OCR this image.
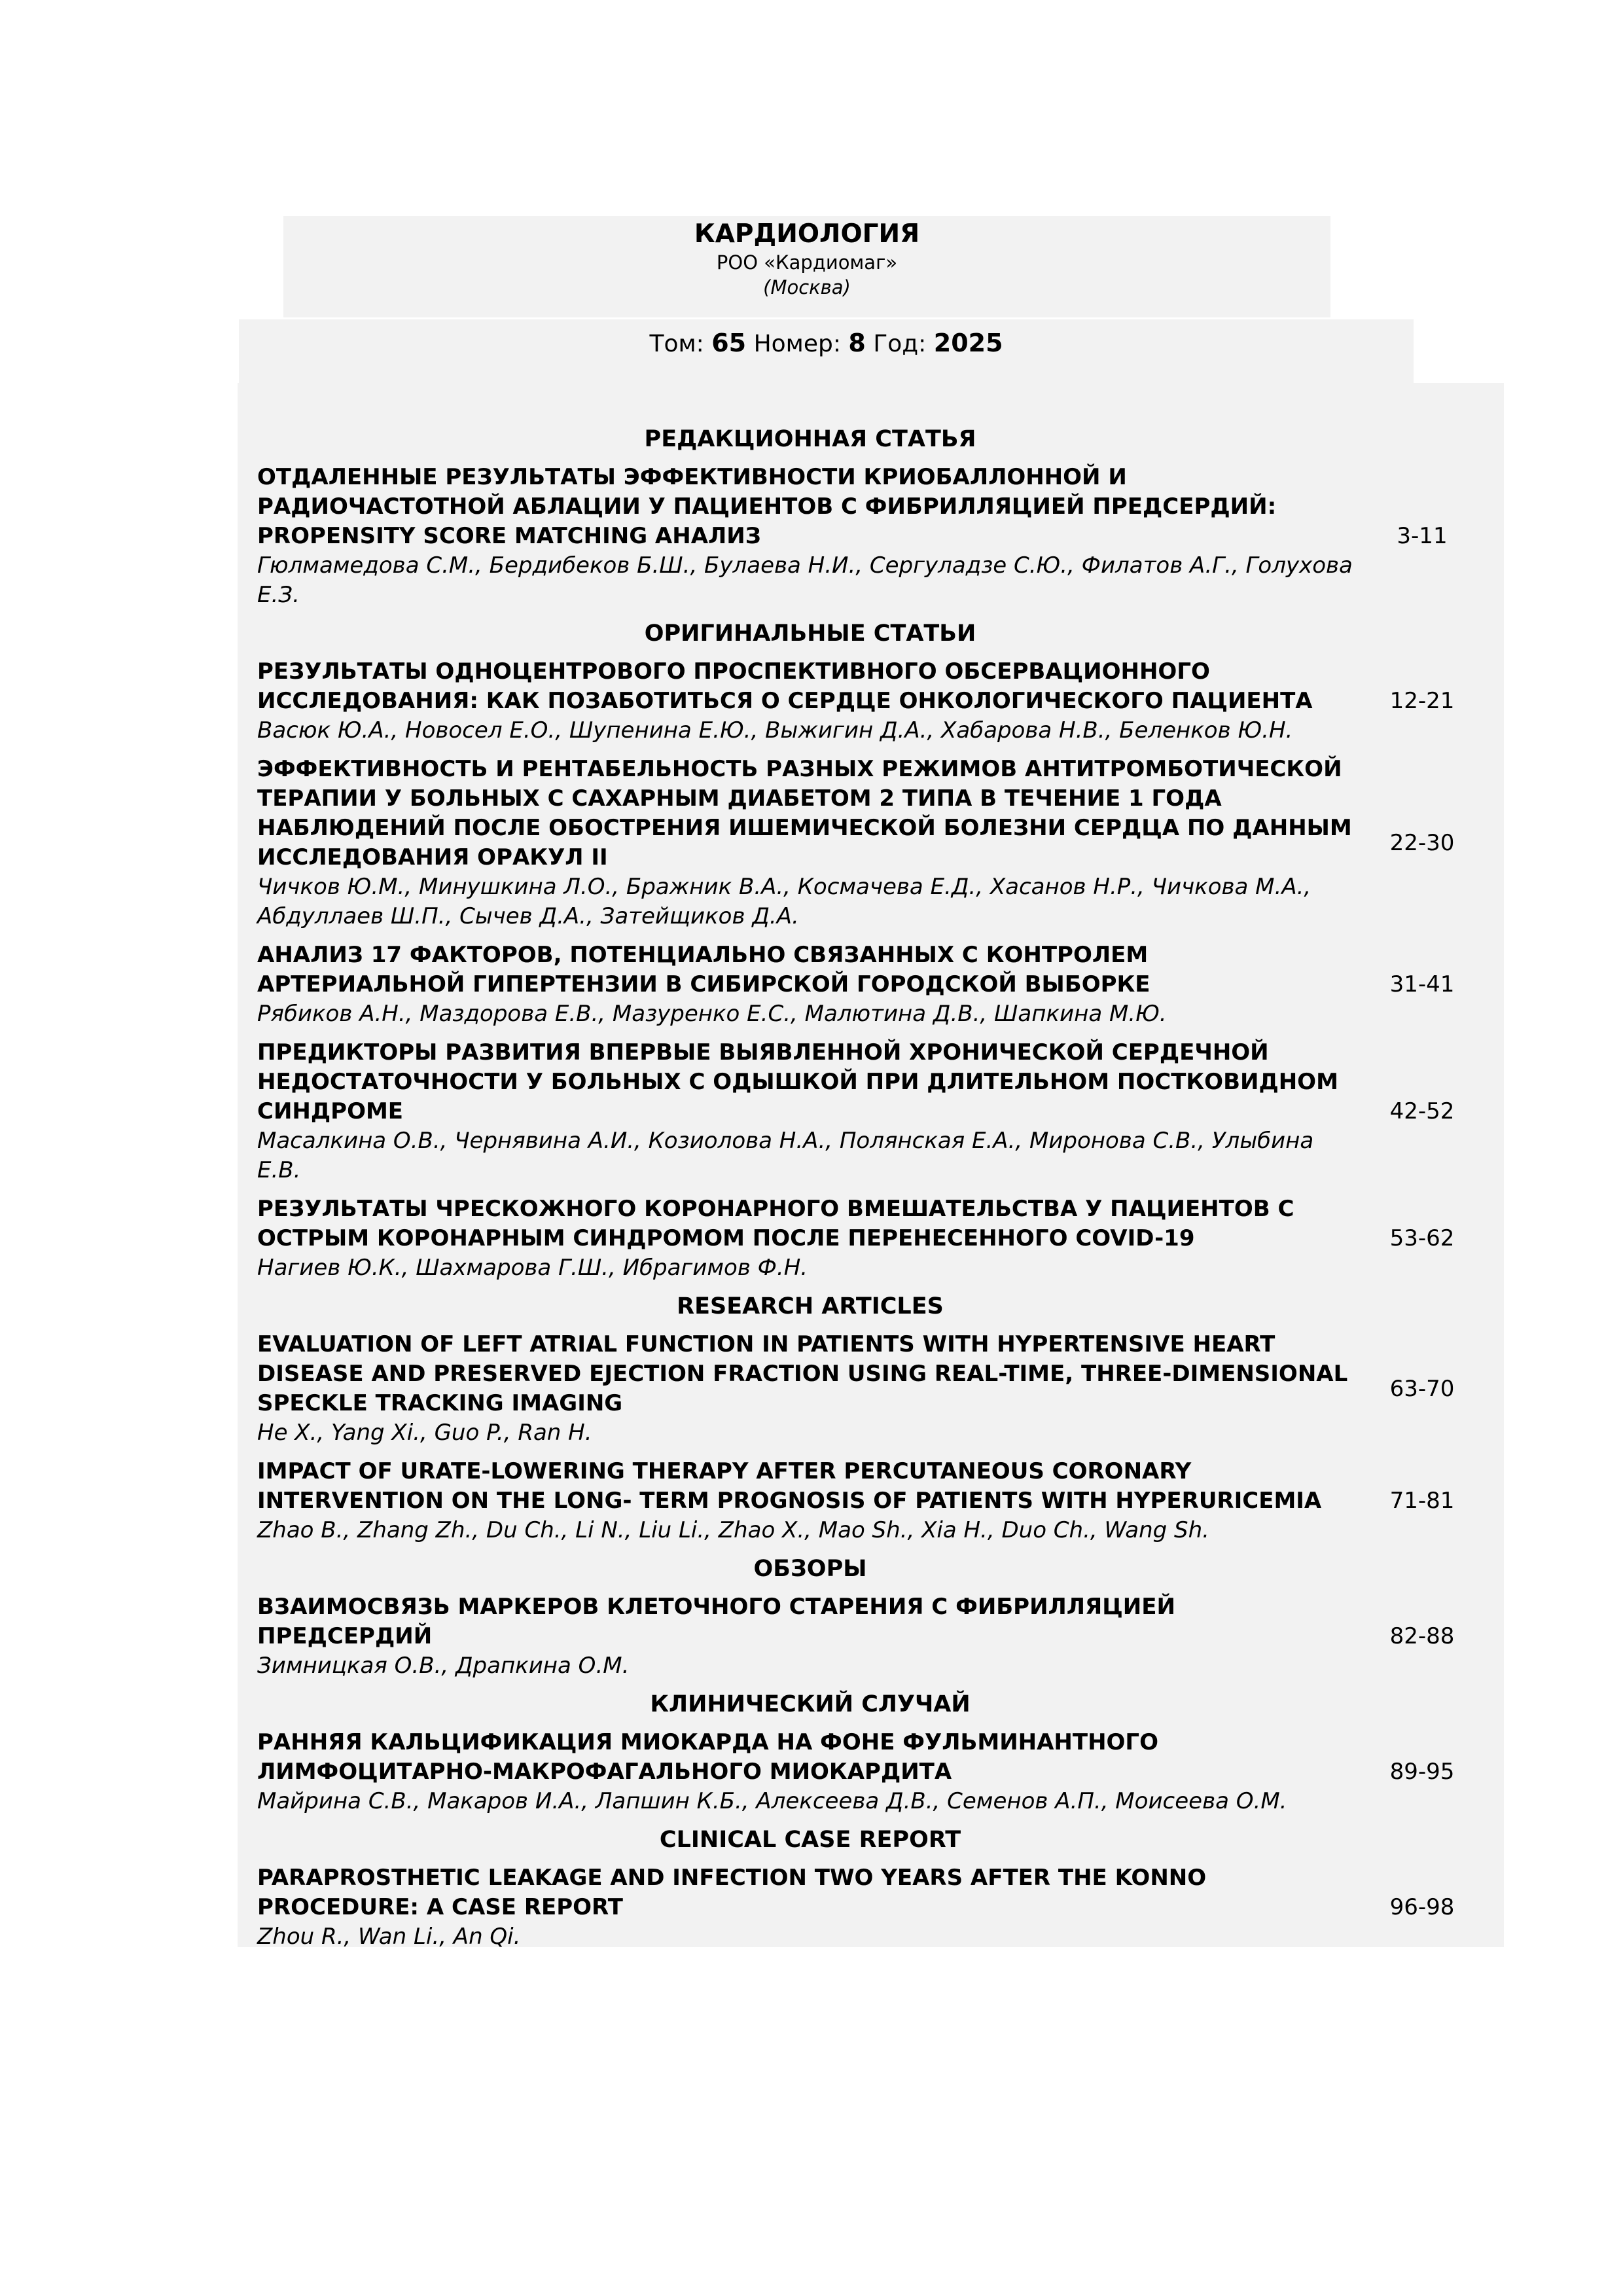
КАРДИОЛОГИЯ
РОО «Кардиомаг»
(Москва)
Том: 65 Номер: 8 Год: 2025
РЕДАКЦИОННАЯ СТАТЬЯ
ОТДАЛЕННЫЕ РЕЗУЛЬТАТЫ ЭФФЕКТИВНОСТИ КРИОБАЛЛОННОЙ И РАДИОЧАСТОТНОЙ АБЛАЦИИ У ПАЦИЕНТОВ С ФИБРИЛЛЯЦИЕЙ ПРЕДСЕРДИЙ: PROPENSITY SCORE MATCHING АНАЛИЗ
Гюлмамедова С.М., Бердибеков Б.Ш., Булаева Н.И., Сергуладзе С.Ю., Филатов А.Г., Голухова Е.З.
3-11
ОРИГИНАЛЬНЫЕ СТАТЬИ
РЕЗУЛЬТАТЫ ОДНОЦЕНТРОВОГО ПРОСПЕКТИВНОГО ОБСЕРВАЦИОННОГО ИССЛЕДОВАНИЯ: КАК ПОЗАБОТИТЬСЯ О СЕРДЦЕ ОНКОЛОГИЧЕСКОГО ПАЦИЕНТА
Васюк Ю.А., Новосел Е.О., Шупенина Е.Ю., Выжигин Д.А., Хабарова Н.В., Беленков Ю.Н.
12-21
ЭФФЕКТИВНОСТЬ И РЕНТАБЕЛЬНОСТЬ РАЗНЫХ РЕЖИМОВ АНТИТРОМБОТИЧЕСКОЙ ТЕРАПИИ У БОЛЬНЫХ С САХАРНЫМ ДИАБЕТОМ 2 ТИПА В ТЕЧЕНИЕ 1 ГОДА НАБЛЮДЕНИЙ ПОСЛЕ ОБОСТРЕНИЯ ИШЕМИЧЕСКОЙ БОЛЕЗНИ СЕРДЦА ПО ДАННЫМ ИССЛЕДОВАНИЯ ОРАКУЛ II
Чичков Ю.М., Минушкина Л.О., Бражник В.А., Космачева Е.Д., Хасанов Н.Р., Чичкова М.А., Абдуллаев Ш.П., Сычев Д.А., Затейщиков Д.А.
22-30
АНАЛИЗ 17 ФАКТОРОВ, ПОТЕНЦИАЛЬНО СВЯЗАННЫХ С КОНТРОЛЕМ АРТЕРИАЛЬНОЙ ГИПЕРТЕНЗИИ В СИБИРСКОЙ ГОРОДСКОЙ ВЫБОРКЕ
Рябиков А.Н., Маздорова Е.В., Мазуренко Е.С., Малютина Д.В., Шапкина М.Ю.
31-41
ПРЕДИКТОРЫ РАЗВИТИЯ ВПЕРВЫЕ ВЫЯВЛЕННОЙ ХРОНИЧЕСКОЙ СЕРДЕЧНОЙ НЕДОСТАТОЧНОСТИ У БОЛЬНЫХ С ОДЫШКОЙ ПРИ ДЛИТЕЛЬНОМ ПОСТКОВИДНОМ СИНДРОМЕ
Масалкина О.В., Чернявина А.И., Козиолова Н.А., Полянская Е.А., Миронова С.В., Улыбина Е.В.
42-52
РЕЗУЛЬТАТЫ ЧРЕСКОЖНОГО КОРОНАРНОГО ВМЕШАТЕЛЬСТВА У ПАЦИЕНТОВ С ОСТРЫМ КОРОНАРНЫМ СИНДРОМОМ ПОСЛЕ ПЕРЕНЕСЕННОГО COVID-19
Нагиев Ю.К., Шахмарова Г.Ш., Ибрагимов Ф.Н.
53-62
RESEARCH ARTICLES
EVALUATION OF LEFT ATRIAL FUNCTION IN PATIENTS WITH HYPERTENSIVE HEART DISEASE AND PRESERVED EJECTION FRACTION USING REAL-TIME, THREE-DIMENSIONAL SPECKLE TRACKING IMAGING
He X., Yang Xi., Guo P., Ran H.
63-70
IMPACT OF URATE-LOWERING THERAPY AFTER PERCUTANEOUS CORONARY INTERVENTION ON THE LONG- TERM PROGNOSIS OF PATIENTS WITH HYPERURICEMIA
Zhao B., Zhang Zh., Du Ch., Li N., Liu Li., Zhao X., Mao Sh., Xia H., Duo Ch., Wang Sh.
71-81
ОБЗОРЫ
ВЗАИМОСВЯЗЬ МАРКЕРОВ КЛЕТОЧНОГО СТАРЕНИЯ С ФИБРИЛЛЯЦИЕЙ ПРЕДСЕРДИЙ
Зимницкая О.В., Драпкина О.М.
82-88
КЛИНИЧЕСКИЙ СЛУЧАЙ
РАННЯЯ КАЛЬЦИФИКАЦИЯ МИОКАРДА НА ФОНЕ ФУЛЬМИНАНТНОГО ЛИМФОЦИТАРНО-МАКРОФАГАЛЬНОГО МИОКАРДИТА
Майрина С.В., Макаров И.А., Лапшин К.Б., Алексеева Д.В., Семенов А.П., Моисеева О.М.
89-95
CLINICAL CASE REPORT
PARAPROSTHETIC LEAKAGE AND INFECTION TWO YEARS AFTER THE KONNO PROCEDURE: A CASE REPORT
Zhou R., Wan Li., An Qi.
96-98
